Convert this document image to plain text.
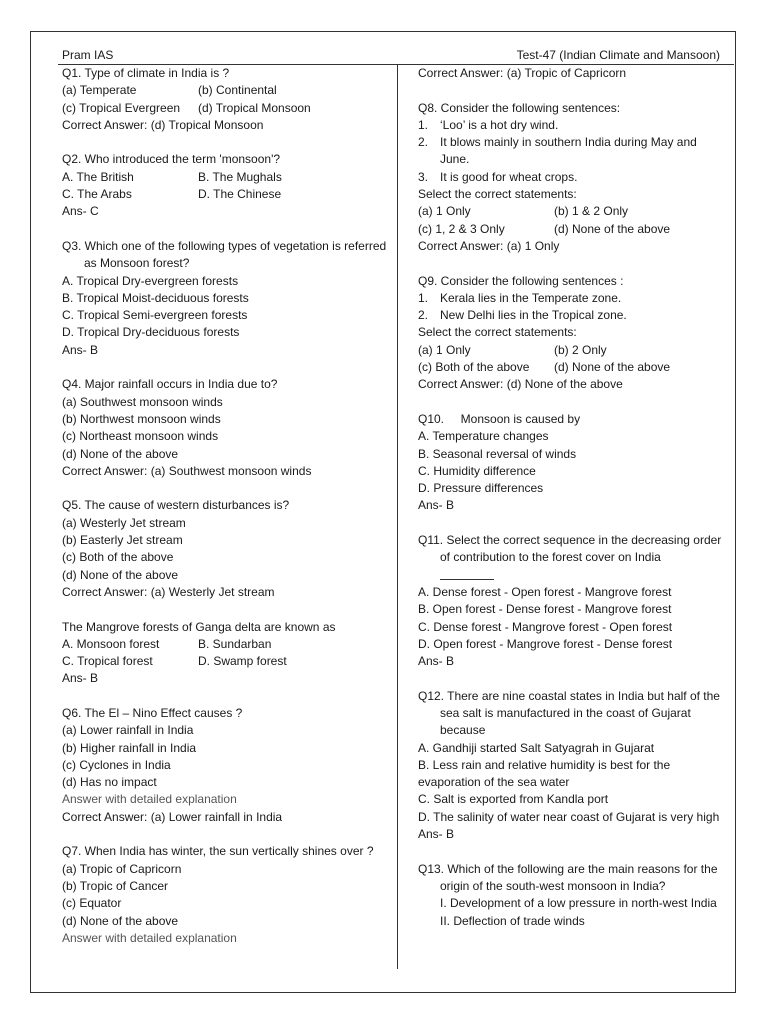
Pram IAS	Test-47 (Indian Climate and Mansoon)
Q1. Type of climate in India is ?
(a) Temperate	(b) Continental
(c) Tropical Evergreen	(d) Tropical Monsoon
Correct Answer: (d) Tropical Monsoon
Q2. Who introduced the term 'monsoon'?
A. The British	B. The Mughals
C. The Arabs	D. The Chinese
Ans- C
Q3. Which one of the following types of vegetation is referred as Monsoon forest?
A. Tropical Dry-evergreen forests
B. Tropical Moist-deciduous forests
C. Tropical Semi-evergreen forests
D. Tropical Dry-deciduous forests
Ans- B
Q4. Major rainfall occurs in India due to?
(a) Southwest monsoon winds
(b) Northwest monsoon winds
(c) Northeast monsoon winds
(d) None of the above
Correct Answer: (a) Southwest monsoon winds
Q5. The cause of western disturbances is?
(a) Westerly Jet stream
(b) Easterly Jet stream
(c) Both of the above
(d) None of the above
Correct Answer: (a) Westerly Jet stream
The Mangrove forests of Ganga delta are known as
A. Monsoon forest	B. Sundarban
C. Tropical forest	D. Swamp forest
Ans- B
Q6. The El – Nino Effect causes ?
(a) Lower rainfall in India
(b) Higher rainfall in India
(c) Cyclones in India
(d) Has no impact
Answer with detailed explanation
Correct Answer: (a) Lower rainfall in India
Q7. When India has winter, the sun vertically shines over ?
(a) Tropic of Capricorn
(b) Tropic of Cancer
(c) Equator
(d) None of the above
Answer with detailed explanation
Correct Answer: (a) Tropic of Capricorn
Q8. Consider the following sentences:
1. ‘Loo’ is a hot dry wind.
2. It blows mainly in southern India during May and June.
3. It is good for wheat crops.
Select the correct statements:
(a) 1 Only	(b) 1 & 2 Only
(c) 1, 2 & 3 Only	(d) None of the above
Correct Answer: (a) 1 Only
Q9. Consider the following sentences :
1. Kerala lies in the Temperate zone.
2. New Delhi lies in the Tropical zone.
Select the correct statements:
(a) 1 Only	(b) 2 Only
(c) Both of the above	(d) None of the above
Correct Answer: (d) None of the above
Q10.     Monsoon is caused by
A. Temperature changes
B. Seasonal reversal of winds
C. Humidity difference
D. Pressure differences
Ans- B
Q11. Select the correct sequence in the decreasing order of contribution to the forest cover on India
A. Dense forest - Open forest - Mangrove forest
B. Open forest - Dense forest - Mangrove forest
C. Dense forest - Mangrove forest - Open forest
D. Open forest - Mangrove forest - Dense forest
Ans- B
Q12. There are nine coastal states in India but half of the sea salt is manufactured in the coast of Gujarat because
A. Gandhiji started Salt Satyagrah in Gujarat
B. Less rain and relative humidity is best for the evaporation of the sea water
C. Salt is exported from Kandla port
D. The salinity of water near coast of Gujarat is very high
Ans- B
Q13. Which of the following are the main reasons for the origin of the south-west monsoon in India?
I. Development of a low pressure in north-west India
II. Deflection of trade winds
